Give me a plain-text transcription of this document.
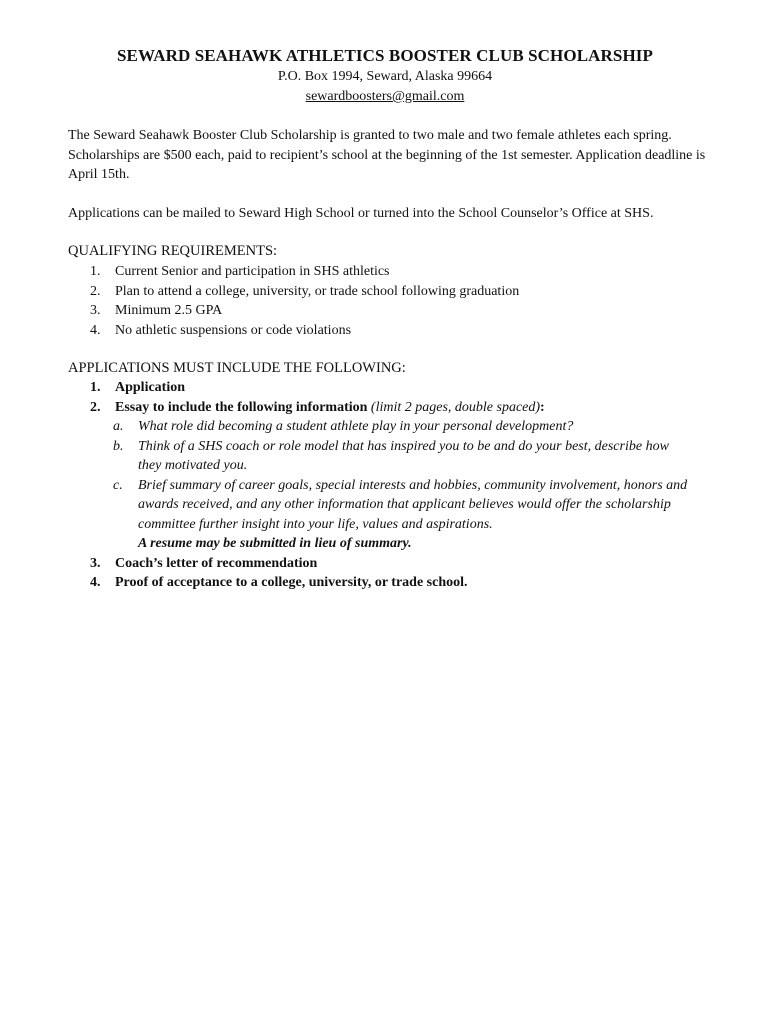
SEWARD SEAHAWK ATHLETICS BOOSTER CLUB SCHOLARSHIP
P.O. Box 1994, Seward, Alaska 99664
sewardboosters@gmail.com
The Seward Seahawk Booster Club Scholarship is granted to two male and two female athletes each spring. Scholarships are $500 each, paid to recipient’s school at the beginning of the 1st semester. Application deadline is April 15th.
Applications can be mailed to Seward High School or turned into the School Counselor’s Office at SHS.
QUALIFYING REQUIREMENTS:
1.	Current Senior and participation in SHS athletics
2.	Plan to attend a college, university, or trade school following graduation
3.	Minimum 2.5 GPA
4.	No athletic suspensions or code violations
APPLICATIONS MUST INCLUDE THE FOLLOWING:
1.	Application
2.	Essay to include the following information (limit 2 pages, double spaced):
a.	What role did becoming a student athlete play in your personal development?
b.	Think of a SHS coach or role model that has inspired you to be and do your best, describe how they motivated you.
c.	Brief summary of career goals, special interests and hobbies, community involvement, honors and awards received, and any other information that applicant believes would offer the scholarship committee further insight into your life, values and aspirations.
A resume may be submitted in lieu of summary.
3.	Coach’s letter of recommendation
4.	Proof of acceptance to a college, university, or trade school.
